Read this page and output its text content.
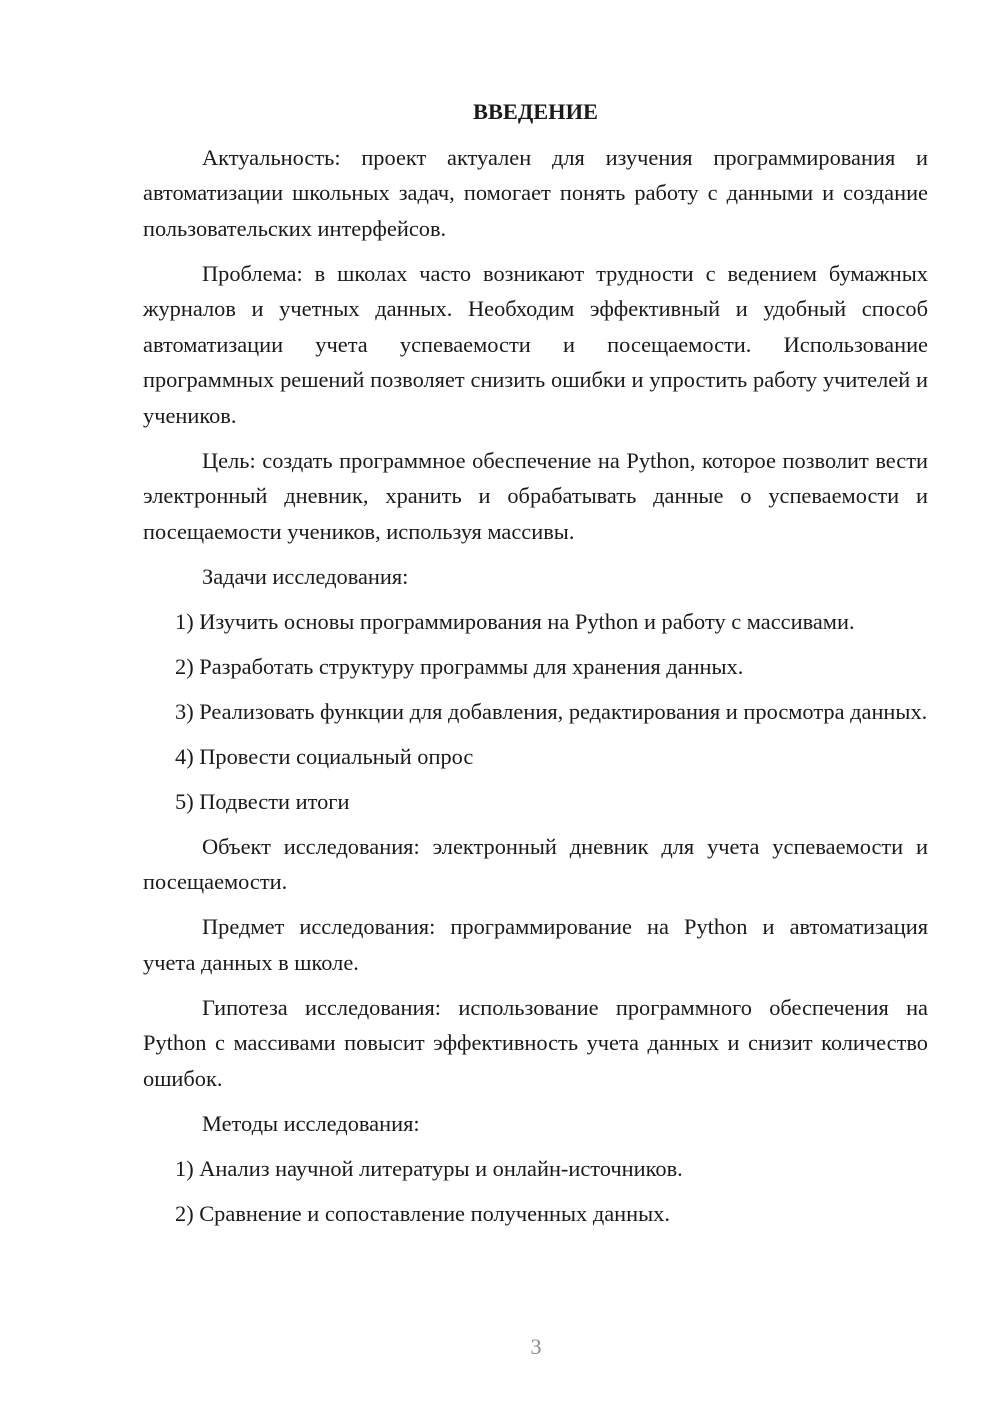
ВВЕДЕНИЕ

Актуальность: проект актуален для изучения программирования и автоматизации школьных задач, помогает понять работу с данными и создание пользовательских интерфейсов.

Проблема: в школах часто возникают трудности с ведением бумажных журналов и учетных данных. Необходим эффективный и удобный способ автоматизации учета успеваемости и посещаемости. Использование программных решений позволяет снизить ошибки и упростить работу учителей и учеников.

Цель: создать программное обеспечение на Python, которое позволит вести электронный дневник, хранить и обрабатывать данные о успеваемости и посещаемости учеников, используя массивы.

Задачи исследования:

1) Изучить основы программирования на Python и работу с массивами.

2) Разработать структуру программы для хранения данных.

3) Реализовать функции для добавления, редактирования и просмотра данных.

4) Провести социальный опрос

5) Подвести итоги

Объект исследования: электронный дневник для учета успеваемости и посещаемости.

Предмет исследования: программирование на Python и автоматизация учета данных в школе.

Гипотеза исследования: использование программного обеспечения на Python с массивами повысит эффективность учета данных и снизит количество ошибок.

Методы исследования:

1) Анализ научной литературы и онлайн-источников.

2) Сравнение и сопоставление полученных данных.

3
